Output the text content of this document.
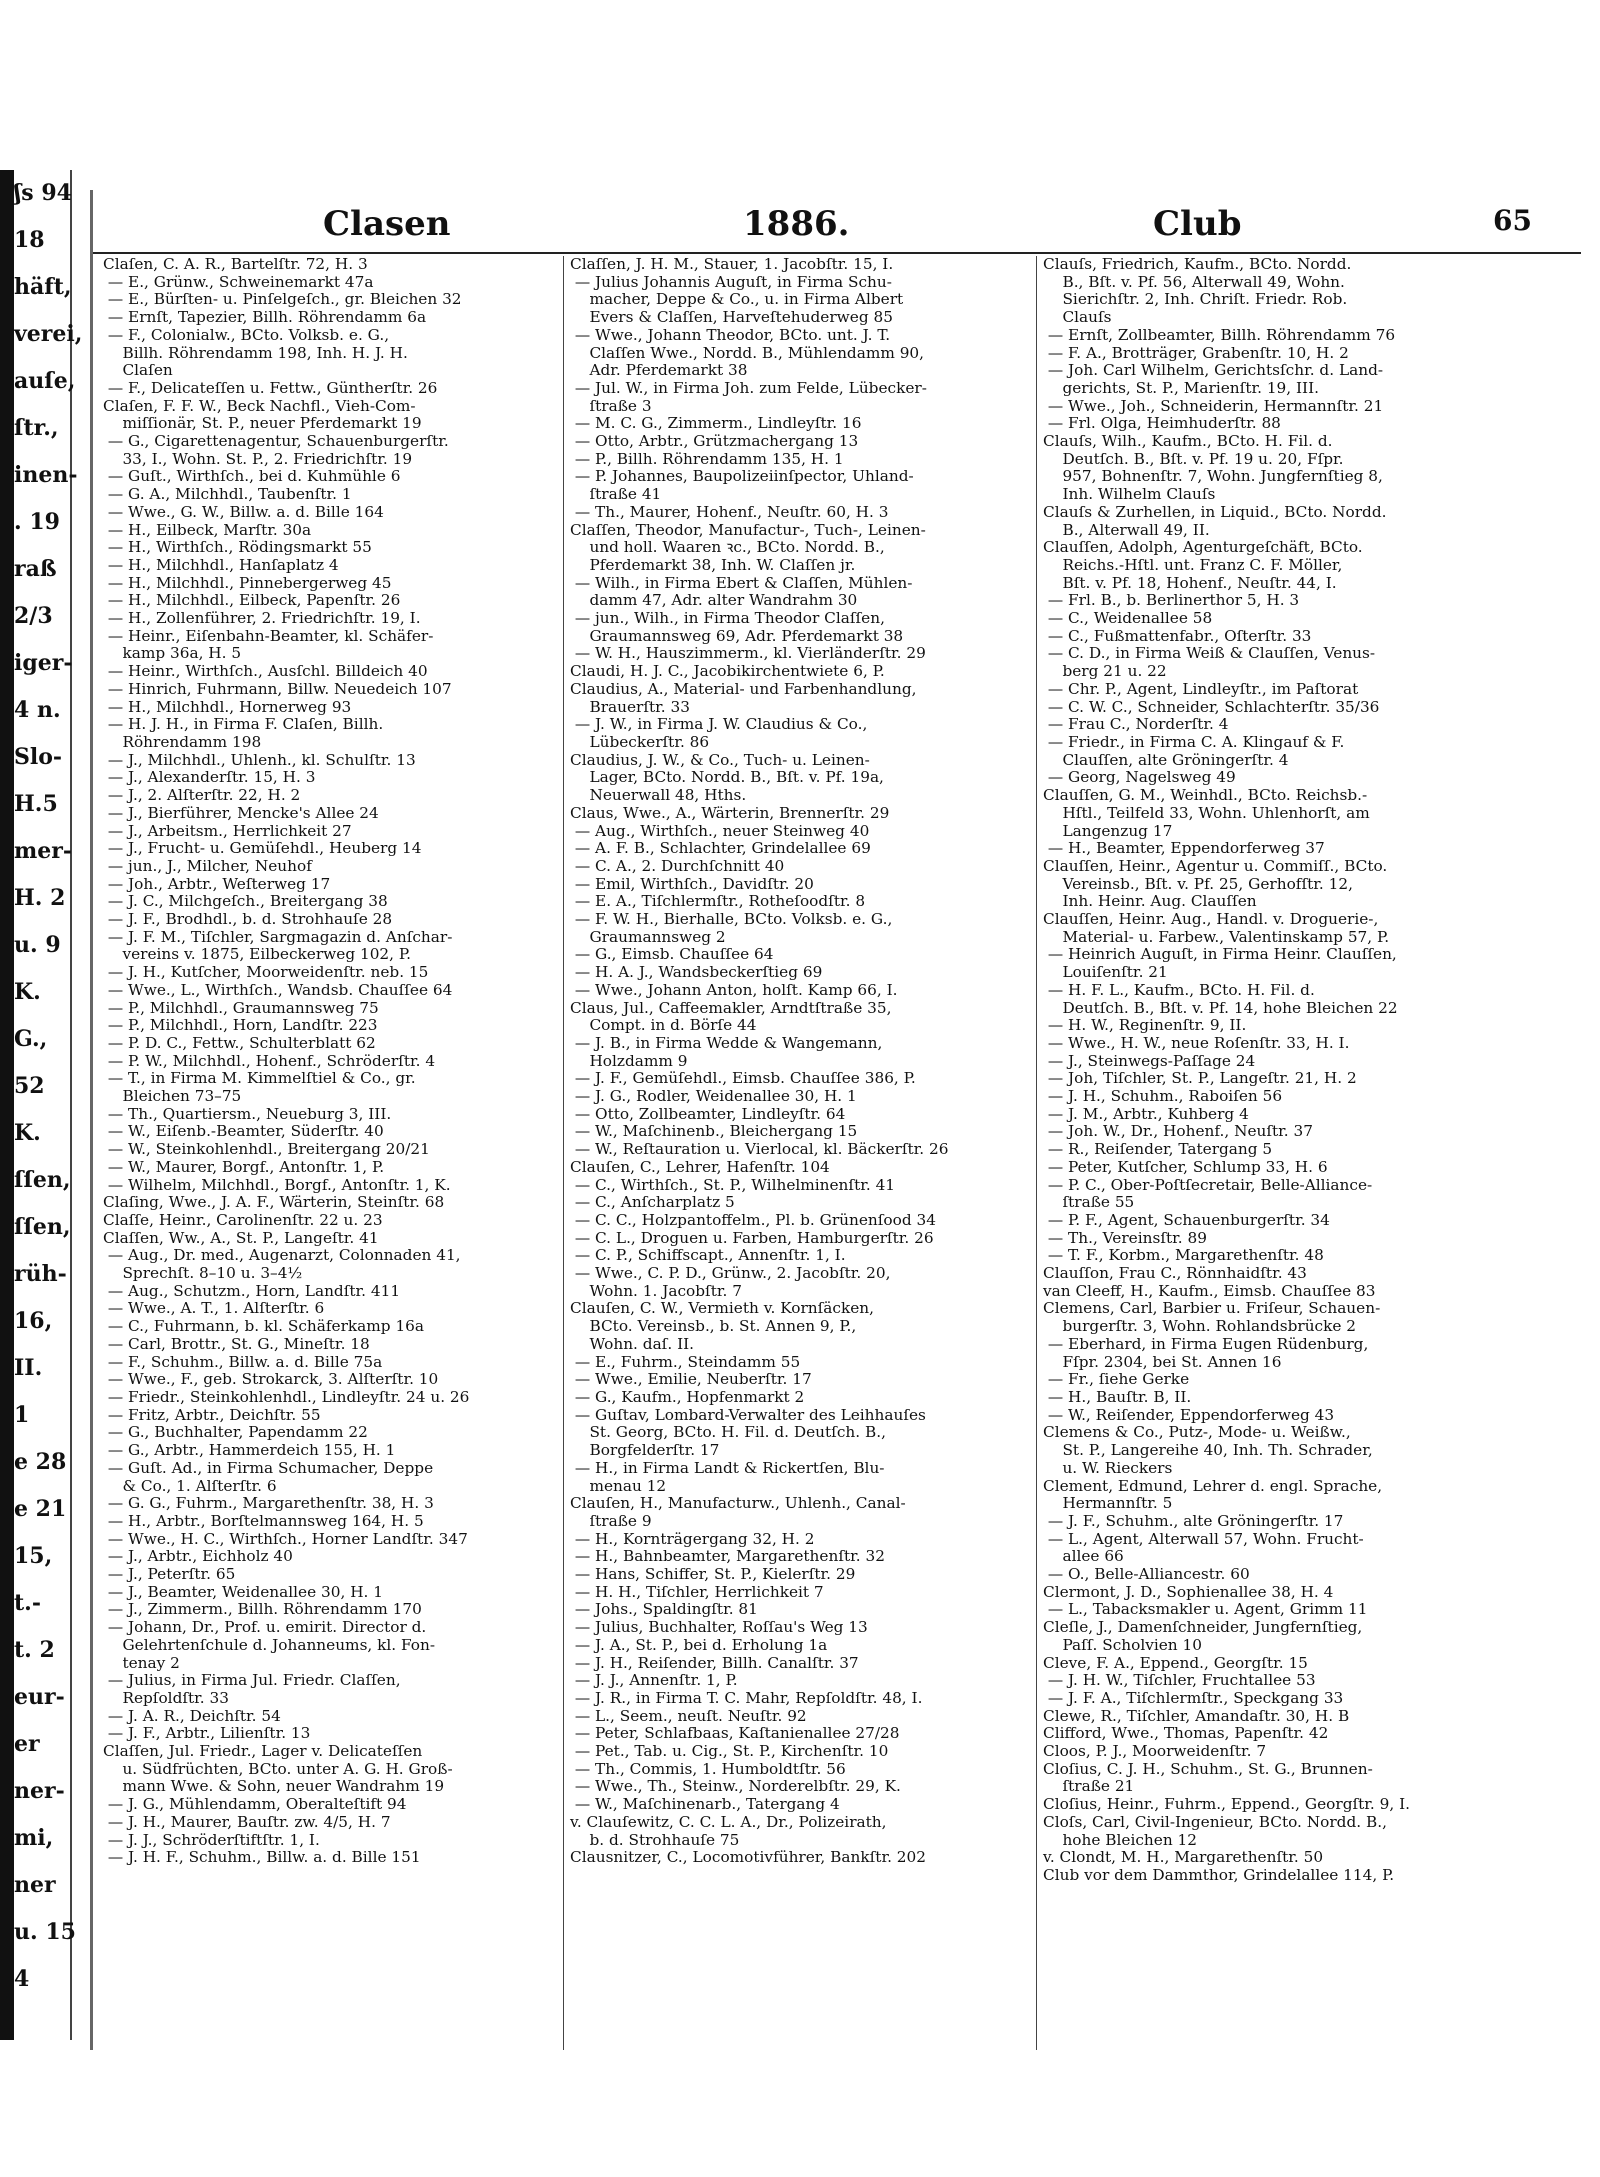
ʃs 94
18
häft,
verei,
auſe,
ſtr.,
inen-
. 19
raß
2/3
iger-
4 n.
Slo-
H.5
mer-
H. 2
u. 9
K.
G.,
52
K.
ſſen,
ſſen,
rüh-
16,
II.
1
e 28
e 21
15,
t.-
t. 2
eur-
er
ner-
mi,
ner
u. 15
4
Clasen	1886.	Club	65
Claſen, C. A. R., Bartelſtr. 72, H. 3
— E., Grünw., Schweinemarkt 47a
— E., Bürſten- u. Pinſelgeſch., gr. Bleichen 32
— Ernſt, Tapezier, Billh. Röhrendamm 6a
— F., Colonialw., BCto. Volksb. e. G.,
Billh. Röhrendamm 198, Inh. H. J. H.
Claſen
— F., Delicateſſen u. Fettw., Güntherſtr. 26
Claſen, F. F. W., Beck Nachfl., Vieh-Com-
miſſionär, St. P., neuer Pferdemarkt 19
— G., Cigarettenagentur, Schauenburgerſtr.
33, I., Wohn. St. P., 2. Friedrichſtr. 19
— Guſt., Wirthſch., bei d. Kuhmühle 6
— G. A., Milchhdl., Taubenſtr. 1
— Wwe., G. W., Billw. a. d. Bille 164
— H., Eilbeck, Marſtr. 30a
— H., Wirthſch., Rödingsmarkt 55
— H., Milchhdl., Hanſaplatz 4
— H., Milchhdl., Pinnebergerweg 45
— H., Milchhdl., Eilbeck, Papenſtr. 26
— H., Zollenführer, 2. Friedrichſtr. 19, I.
— Heinr., Eiſenbahn-Beamter, kl. Schäfer-
kamp 36a, H. 5
— Heinr., Wirthſch., Ausſchl. Billdeich 40
— Hinrich, Fuhrmann, Billw. Neuedeich 107
— H., Milchhdl., Hornerweg 93
— H. J. H., in Firma F. Claſen, Billh.
Röhrendamm 198
— J., Milchhdl., Uhlenh., kl. Schulſtr. 13
— J., Alexanderſtr. 15, H. 3
— J., 2. Alſterſtr. 22, H. 2
— J., Bierführer, Mencke's Allee 24
— J., Arbeitsm., Herrlichkeit 27
— J., Frucht- u. Gemüſehdl., Heuberg 14
— jun., J., Milcher, Neuhof
— Joh., Arbtr., Weſterweg 17
— J. C., Milchgeſch., Breitergang 38
— J. F., Brodhdl., b. d. Strohhauſe 28
— J. F. M., Tiſchler, Sargmagazin d. Anſchar-
vereins v. 1875, Eilbeckerweg 102, P.
— J. H., Kutſcher, Moorweidenſtr. neb. 15
— Wwe., L., Wirthſch., Wandsb. Chauſſee 64
— P., Milchhdl., Graumannsweg 75
— P., Milchhdl., Horn, Landſtr. 223
— P. D. C., Fettw., Schulterblatt 62
— P. W., Milchhdl., Hohenf., Schröderſtr. 4
— T., in Firma M. Kimmelſtiel & Co., gr.
Bleichen 73–75
— Th., Quartiersm., Neueburg 3, III.
— W., Eiſenb.-Beamter, Süderſtr. 40
— W., Steinkohlenhdl., Breitergang 20/21
— W., Maurer, Borgf., Antonſtr. 1, P.
— Wilhelm, Milchhdl., Borgf., Antonſtr. 1, K.
Claſing, Wwe., J. A. F., Wärterin, Steinſtr. 68
Claſſe, Heinr., Carolinenſtr. 22 u. 23
Claſſen, Ww., A., St. P., Langeſtr. 41
— Aug., Dr. med., Augenarzt, Colonnaden 41,
Sprechſt. 8–10 u. 3–4½
— Aug., Schutzm., Horn, Landſtr. 411
— Wwe., A. T., 1. Alſterſtr. 6
— C., Fuhrmann, b. kl. Schäferkamp 16a
— Carl, Brottr., St. G., Mineſtr. 18
— F., Schuhm., Billw. a. d. Bille 75a
— Wwe., F., geb. Strokarck, 3. Alſterſtr. 10
— Friedr., Steinkohlenhdl., Lindleyſtr. 24 u. 26
— Fritz, Arbtr., Deichſtr. 55
— G., Buchhalter, Papendamm 22
— G., Arbtr., Hammerdeich 155, H. 1
— Guſt. Ad., in Firma Schumacher, Deppe
& Co., 1. Alſterſtr. 6
— G. G., Fuhrm., Margarethenſtr. 38, H. 3
— H., Arbtr., Borſtelmannsweg 164, H. 5
— Wwe., H. C., Wirthſch., Horner Landſtr. 347
— J., Arbtr., Eichholz 40
— J., Peterſtr. 65
— J., Beamter, Weidenallee 30, H. 1
— J., Zimmerm., Billh. Röhrendamm 170
— Johann, Dr., Prof. u. emirit. Director d.
Gelehrtenſchule d. Johanneums, kl. Fon-
tenay 2
— Julius, in Firma Jul. Friedr. Claſſen,
Repſoldſtr. 33
— J. A. R., Deichſtr. 54
— J. F., Arbtr., Lilienſtr. 13
Claſſen, Jul. Friedr., Lager v. Delicateſſen
u. Südfrüchten, BCto. unter A. G. H. Groß-
mann Wwe. & Sohn, neuer Wandrahm 19
— J. G., Mühlendamm, Oberalteſtift 94
— J. H., Maurer, Bauſtr. zw. 4/5, H. 7
— J. J., Schröderſtiftſtr. 1, I.
— J. H. F., Schuhm., Billw. a. d. Bille 151
Claſſen, J. H. M., Stauer, 1. Jacobſtr. 15, I.
— Julius Johannis Auguſt, in Firma Schu-
macher, Deppe & Co., u. in Firma Albert
Evers & Claſſen, Harveſtehuderweg 85
— Wwe., Johann Theodor, BCto. unt. J. T.
Claſſen Wwe., Nordd. B., Mühlendamm 90,
Adr. Pferdemarkt 38
— Jul. W., in Firma Joh. zum Felde, Lübecker-
ſtraße 3
— M. C. G., Zimmerm., Lindleyſtr. 16
— Otto, Arbtr., Grützmachergang 13
— P., Billh. Röhrendamm 135, H. 1
— P. Johannes, Baupolizeiinſpector, Uhland-
ſtraße 41
— Th., Maurer, Hohenf., Neuſtr. 60, H. 3
Claſſen, Theodor, Manufactur-, Tuch-, Leinen-
und holl. Waaren ꝛc., BCto. Nordd. B.,
Pferdemarkt 38, Inh. W. Claſſen jr.
— Wilh., in Firma Ebert & Claſſen, Mühlen-
damm 47, Adr. alter Wandrahm 30
— jun., Wilh., in Firma Theodor Claſſen,
Graumannsweg 69, Adr. Pferdemarkt 38
— W. H., Hauszimmerm., kl. Vierländerſtr. 29
Claudi, H. J. C., Jacobikirchentwiete 6, P.
Claudius, A., Material- und Farbenhandlung,
Brauerſtr. 33
— J. W., in Firma J. W. Claudius & Co.,
Lübeckerſtr. 86
Claudius, J. W., & Co., Tuch- u. Leinen-
Lager, BCto. Nordd. B., Bſt. v. Pf. 19a,
Neuerwall 48, Hths.
Claus, Wwe., A., Wärterin, Brennerſtr. 29
— Aug., Wirthſch., neuer Steinweg 40
— A. F. B., Schlachter, Grindelallee 69
— C. A., 2. Durchſchnitt 40
— Emil, Wirthſch., Davidſtr. 20
— E. A., Tiſchlermſtr., Rotheſoodſtr. 8
— F. W. H., Bierhalle, BCto. Volksb. e. G.,
Graumannsweg 2
— G., Eimsb. Chauſſee 64
— H. A. J., Wandsbeckerſtieg 69
— Wwe., Johann Anton, holſt. Kamp 66, I.
Claus, Jul., Caffeemakler, Arndtſtraße 35,
Compt. in d. Börſe 44
— J. B., in Firma Wedde & Wangemann,
Holzdamm 9
— J. F., Gemüſehdl., Eimsb. Chauſſee 386, P.
— J. G., Rodler, Weidenallee 30, H. 1
— Otto, Zollbeamter, Lindleyſtr. 64
— W., Maſchinenb., Bleichergang 15
— W., Reſtauration u. Vierlocal, kl. Bäckerſtr. 26
Clauſen, C., Lehrer, Hafenſtr. 104
— C., Wirthſch., St. P., Wilhelminenſtr. 41
— C., Anſcharplatz 5
— C. C., Holzpantoffelm., Pl. b. Grünenſood 34
— C. L., Droguen u. Farben, Hamburgerſtr. 26
— C. P., Schiffscapt., Annenſtr. 1, I.
— Wwe., C. P. D., Grünw., 2. Jacobſtr. 20,
Wohn. 1. Jacobſtr. 7
Clauſen, C. W., Vermieth v. Kornſäcken,
BCto. Vereinsb., b. St. Annen 9, P.,
Wohn. daſ. II.
— E., Fuhrm., Steindamm 55
— Wwe., Emilie, Neuberſtr. 17
— G., Kaufm., Hopfenmarkt 2
— Guſtav, Lombard-Verwalter des Leihhauſes
St. Georg, BCto. H. Fil. d. Deutſch. B.,
Borgfelderſtr. 17
— H., in Firma Landt & Rickertſen, Blu-
menau 12
Clauſen, H., Manufacturw., Uhlenh., Canal-
ſtraße 9
— H., Kornträgergang 32, H. 2
— H., Bahnbeamter, Margarethenſtr. 32
— Hans, Schiffer, St. P., Kielerſtr. 29
— H. H., Tiſchler, Herrlichkeit 7
— Johs., Spaldingſtr. 81
— Julius, Buchhalter, Roſſau's Weg 13
— J. A., St. P., bei d. Erholung 1a
— J. H., Reiſender, Billh. Canalſtr. 37
— J. J., Annenſtr. 1, P.
— J. R., in Firma T. C. Mahr, Repſoldſtr. 48, I.
— L., Seem., neuſt. Neuſtr. 92
— Peter, Schlafbaas, Kaſtanienallee 27/28
— Pet., Tab. u. Cig., St. P., Kirchenſtr. 10
— Th., Commis, 1. Humboldtſtr. 56
— Wwe., Th., Steinw., Norderelbſtr. 29, K.
— W., Maſchinenarb., Tatergang 4
v. Clauſewitz, C. C. L. A., Dr., Polizeirath,
b. d. Strohhauſe 75
Clausnitzer, C., Locomotivführer, Bankſtr. 202
Clauſs, Friedrich, Kaufm., BCto. Nordd.
B., Bſt. v. Pf. 56, Alterwall 49, Wohn.
Sierichſtr. 2, Inh. Chriſt. Friedr. Rob.
Clauſs
— Ernſt, Zollbeamter, Billh. Röhrendamm 76
— F. A., Brotträger, Grabenſtr. 10, H. 2
— Joh. Carl Wilhelm, Gerichtsſchr. d. Land-
gerichts, St. P., Marienſtr. 19, III.
— Wwe., Joh., Schneiderin, Hermannſtr. 21
— Frl. Olga, Heimhuderſtr. 88
Clauſs, Wilh., Kaufm., BCto. H. Fil. d.
Deutſch. B., Bſt. v. Pf. 19 u. 20, Fſpr.
957, Bohnenſtr. 7, Wohn. Jungfernſtieg 8,
Inh. Wilhelm Clauſs
Clauſs & Zurhellen, in Liquid., BCto. Nordd.
B., Alterwall 49, II.
Clauſſen, Adolph, Agenturgeſchäft, BCto.
Reichs.-Hſtl. unt. Franz C. F. Möller,
Bſt. v. Pf. 18, Hohenf., Neuſtr. 44, I.
— Frl. B., b. Berlinerthor 5, H. 3
— C., Weidenallee 58
— C., Fußmattenfabr., Oſterſtr. 33
— C. D., in Firma Weiß & Clauſſen, Venus-
berg 21 u. 22
— Chr. P., Agent, Lindleyſtr., im Paſtorat
— C. W. C., Schneider, Schlachterſtr. 35/36
— Frau C., Norderſtr. 4
— Friedr., in Firma C. A. Klingauf & F.
Clauſſen, alte Gröningerſtr. 4
— Georg, Nagelsweg 49
Clauſſen, G. M., Weinhdl., BCto. Reichsb.-
Hſtl., Teilfeld 33, Wohn. Uhlenhorſt, am
Langenzug 17
— H., Beamter, Eppendorferweg 37
Clauſſen, Heinr., Agentur u. Commiſſ., BCto.
Vereinsb., Bſt. v. Pf. 25, Gerhofſtr. 12,
Inh. Heinr. Aug. Clauſſen
Clauſſen, Heinr. Aug., Handl. v. Droguerie-,
Material- u. Farbew., Valentinskamp 57, P.
— Heinrich Auguſt, in Firma Heinr. Clauſſen,
Louiſenſtr. 21
— H. F. L., Kaufm., BCto. H. Fil. d.
Deutſch. B., Bſt. v. Pf. 14, hohe Bleichen 22
— H. W., Reginenſtr. 9, II.
— Wwe., H. W., neue Roſenſtr. 33, H. I.
— J., Steinwegs-Paſſage 24
— Joh, Tiſchler, St. P., Langeſtr. 21, H. 2
— J. H., Schuhm., Raboiſen 56
— J. M., Arbtr., Kuhberg 4
— Joh. W., Dr., Hohenf., Neuſtr. 37
— R., Reiſender, Tatergang 5
— Peter, Kutſcher, Schlump 33, H. 6
— P. C., Ober-Poſtſecretair, Belle-Alliance-
ſtraße 55
— P. F., Agent, Schauenburgerſtr. 34
— Th., Vereinsſtr. 89
— T. F., Korbm., Margarethenſtr. 48
Clauſſon, Frau C., Rönnhaidſtr. 43
van Cleeff, H., Kaufm., Eimsb. Chauſſee 83
Clemens, Carl, Barbier u. Friſeur, Schauen-
burgerſtr. 3, Wohn. Rohlandsbrücke 2
— Eberhard, in Firma Eugen Rüdenburg,
Fſpr. 2304, bei St. Annen 16
— Fr., ſiehe Gerke
— H., Bauſtr. B, II.
— W., Reiſender, Eppendorferweg 43
Clemens & Co., Putz-, Mode- u. Weißw.,
St. P., Langereihe 40, Inh. Th. Schrader,
u. W. Rieckers
Clement, Edmund, Lehrer d. engl. Sprache,
Hermannſtr. 5
— J. F., Schuhm., alte Gröningerſtr. 17
— L., Agent, Alterwall 57, Wohn. Frucht-
allee 66
— O., Belle-Alliancestr. 60
Clermont, J. D., Sophienallee 38, H. 4
— L., Tabacksmakler u. Agent, Grimm 11
Cleſle, J., Damenſchneider, Jungfernſtieg,
Paſſ. Scholvien 10
Cleve, F. A., Eppend., Georgſtr. 15
— J. H. W., Tiſchler, Fruchtallee 53
— J. F. A., Tiſchlermſtr., Speckgang 33
Clewe, R., Tiſchler, Amandaſtr. 30, H. B
Clifford, Wwe., Thomas, Papenſtr. 42
Cloos, P. J., Moorweidenſtr. 7
Cloſius, C. J. H., Schuhm., St. G., Brunnen-
ſtraße 21
Cloſius, Heinr., Fuhrm., Eppend., Georgſtr. 9, I.
Cloſs, Carl, Civil-Ingenieur, BCto. Nordd. B.,
hohe Bleichen 12
v. Clondt, M. H., Margarethenſtr. 50
Club vor dem Dammthor, Grindelallee 114, P.
